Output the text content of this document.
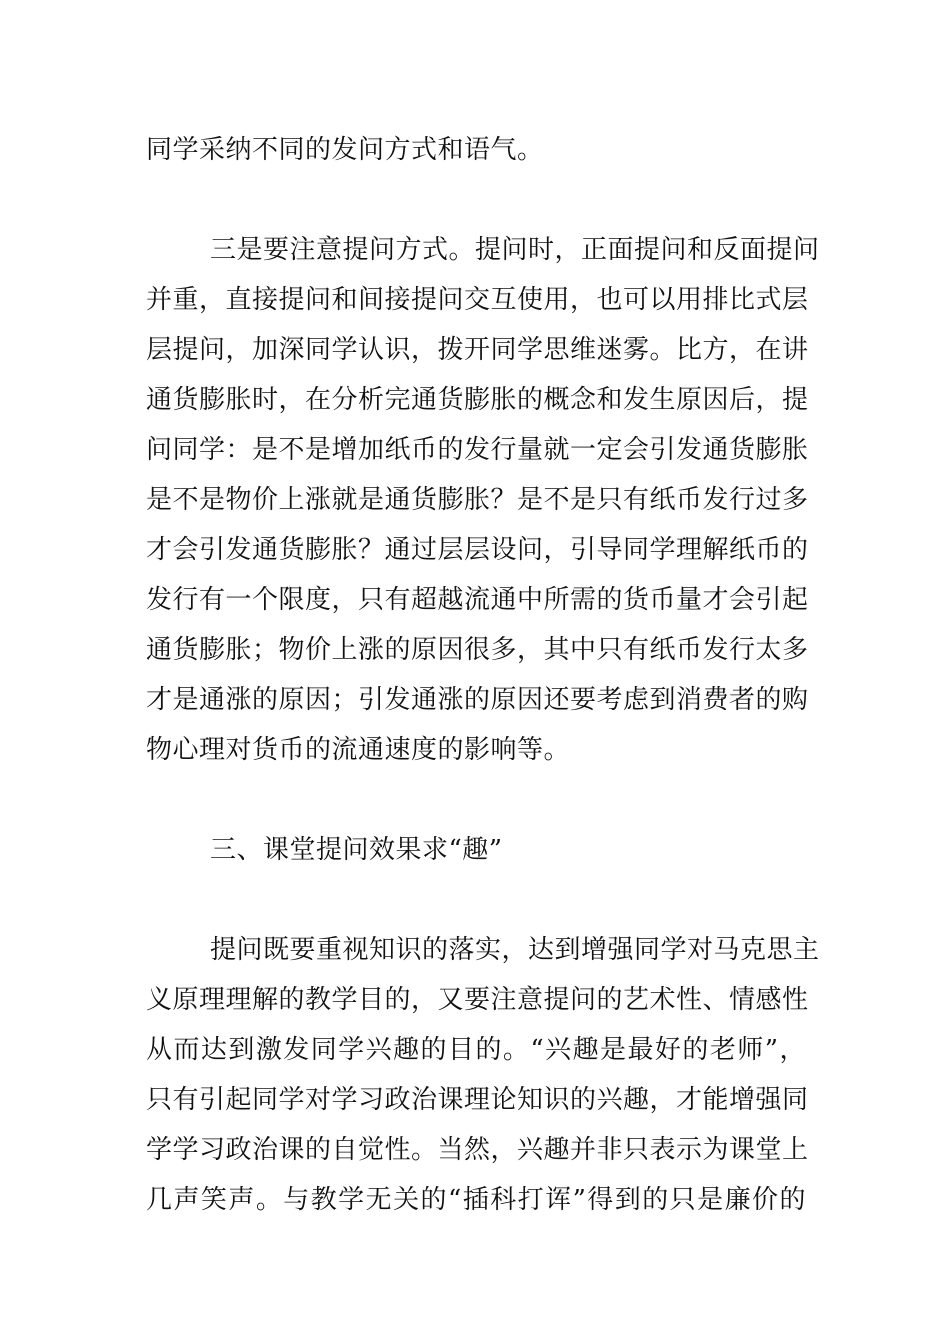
同学采纳不同的发问方式和语气。
三是要注意提问方式。提问时，正面提问和反面提问
并重，直接提问和间接提问交互使用，也可以用排比式层
层提问，加深同学认识，拨开同学思维迷雾。比方，在讲
通货膨胀时，在分析完通货膨胀的概念和发生原因后，提
问同学：是不是增加纸币的发行量就一定会引发通货膨胀
是不是物价上涨就是通货膨胀？是不是只有纸币发行过多
才会引发通货膨胀？通过层层设问，引导同学理解纸币的
发行有一个限度，只有超越流通中所需的货币量才会引起
通货膨胀；物价上涨的原因很多，其中只有纸币发行太多
才是通涨的原因；引发通涨的原因还要考虑到消费者的购
物心理对货币的流通速度的影响等。
三、课堂提问效果求“趣”
提问既要重视知识的落实，达到增强同学对马克思主
义原理理解的教学目的，又要注意提问的艺术性、情感性
从而达到激发同学兴趣的目的。“兴趣是最好的老师”，
只有引起同学对学习政治课理论知识的兴趣，才能增强同
学学习政治课的自觉性。当然，兴趣并非只表示为课堂上
几声笑声。与教学无关的“插科打诨”得到的只是廉价的
